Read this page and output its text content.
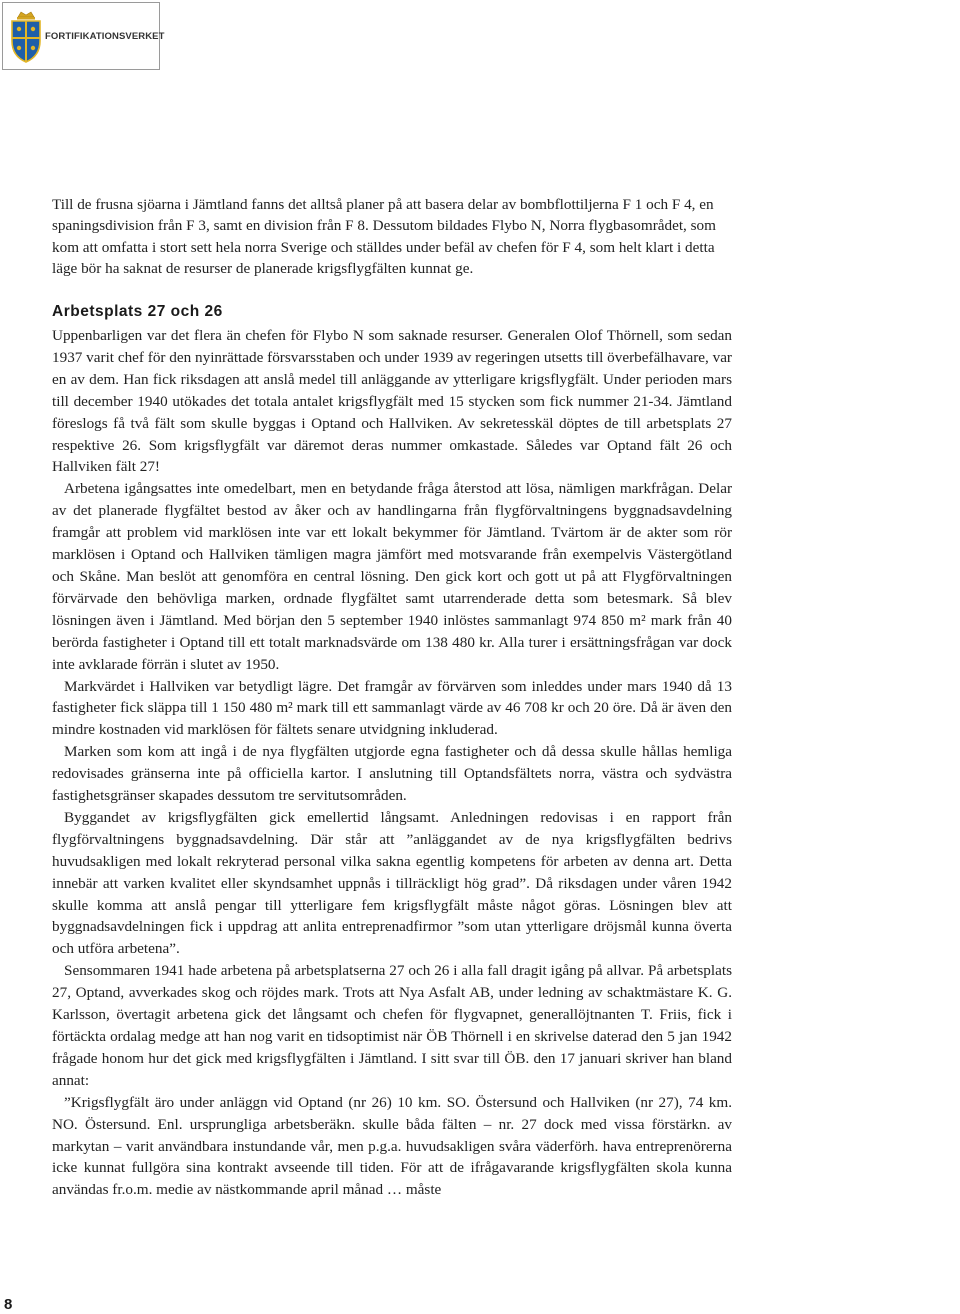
FORTIFIKATIONSVERKET

Till de frusna sjöarna i Jämtland fanns det alltså planer på att basera delar av bombflottiljerna F 1 och F 4, en spaningsdivision från F 3, samt en division från F 8. Dessutom bildades Flybo N, Norra flygbasområdet, som kom att omfatta i stort sett hela norra Sverige och ställdes under befäl av chefen för F 4, som helt klart i detta läge bör ha saknat de resurser de planerade krigsflygfälten kunnat ge.

Arbetsplats 27 och 26

Uppenbarligen var det flera än chefen för Flybo N som saknade resurser. Generalen Olof Thörnell, som sedan 1937 varit chef för den nyinrättade försvarsstaben och under 1939 av regeringen utsetts till överbefälhavare, var en av dem. Han fick riksdagen att anslå medel till anläggande av ytterligare krigsflygfält. Under perioden mars till december 1940 utökades det totala antalet krigsflygfält med 15 stycken som fick nummer 21-34. Jämtland föreslogs få två fält som skulle byggas i Optand och Hallviken. Av sekretesskäl döptes de till arbetsplats 27 respektive 26. Som krigsflygfält var däremot deras nummer omkastade. Således var Optand fält 26 och Hallviken fält 27!

Arbetena igångsattes inte omedelbart, men en betydande fråga återstod att lösa, nämligen markfrågan. Delar av det planerade flygfältet bestod av åker och av handlingarna från flygförvaltningens byggnadsavdelning framgår att problem vid marklösen inte var ett lokalt bekymmer för Jämtland. Tvärtom är de akter som rör marklösen i Optand och Hallviken tämligen magra jämfört med motsvarande från exempelvis Västergötland och Skåne. Man beslöt att genomföra en central lösning. Den gick kort och gott ut på att Flygförvaltningen förvärvade den behövliga marken, ordnade flygfältet samt utarrenderade detta som betesmark. Så blev lösningen även i Jämtland. Med början den 5 september 1940 inlöstes sammanlagt 974 850 m² mark från 40 berörda fastigheter i Optand till ett totalt marknadsvärde om 138 480 kr. Alla turer i ersättningsfrågan var dock inte avklarade förrän i slutet av 1950.

Markvärdet i Hallviken var betydligt lägre. Det framgår av förvärven som inleddes under mars 1940 då 13 fastigheter fick släppa till 1 150 480 m² mark till ett sammanlagt värde av 46 708 kr och 20 öre. Då är även den mindre kostnaden vid marklösen för fältets senare utvidgning inkluderad.

Marken som kom att ingå i de nya flygfälten utgjorde egna fastigheter och då dessa skulle hållas hemliga redovisades gränserna inte på officiella kartor. I anslutning till Optandsfältets norra, västra och sydvästra fastighetsgränser skapades dessutom tre servitutsområden.

Byggandet av krigsflygfälten gick emellertid långsamt. Anledningen redovisas i en rapport från flygförvaltningens byggnadsavdelning. Där står att ”anläggandet av de nya krigsflygfälten bedrivs huvudsakligen med lokalt rekryterad personal vilka sakna egentlig kompetens för arbeten av denna art. Detta innebär att varken kvalitet eller skyndsamhet uppnås i tillräckligt hög grad”. Då riksdagen under våren 1942 skulle komma att anslå pengar till ytterligare fem krigsflygfält måste något göras. Lösningen blev att byggnadsavdelningen fick i uppdrag att anlita entreprenadfirmor ”som utan ytterligare dröjsmål kunna överta och utföra arbetena”.

Sensommaren 1941 hade arbetena på arbetsplatserna 27 och 26 i alla fall dragit igång på allvar. På arbetsplats 27, Optand, avverkades skog och röjdes mark. Trots att Nya Asfalt AB, under ledning av schaktmästare K. G. Karlsson, övertagit arbetena gick det långsamt och chefen för flygvapnet, generallöjtnanten T. Friis, fick i förtäckta ordalag medge att han nog varit en tidsoptimist när ÖB Thörnell i en skrivelse daterad den 5 jan 1942 frågade honom hur det gick med krigsflygfälten i Jämtland. I sitt svar till ÖB. den 17 januari skriver han bland annat:

”Krigsflygfält äro under anläggn vid Optand (nr 26) 10 km. SO. Östersund och Hallviken (nr 27), 74 km. NO. Östersund. Enl. ursprungliga arbetsberäkn. skulle båda fälten – nr. 27 dock med vissa förstärkn. av markytan – varit användbara instundande vår, men p.g.a. huvudsakligen svåra väderförh. hava entreprenörerna icke kunnat fullgöra sina kontrakt avseende till tiden. För att de ifrågavarande krigsflygfälten skola kunna användas fr.o.m. medie av nästkommande april månad … måste

8
